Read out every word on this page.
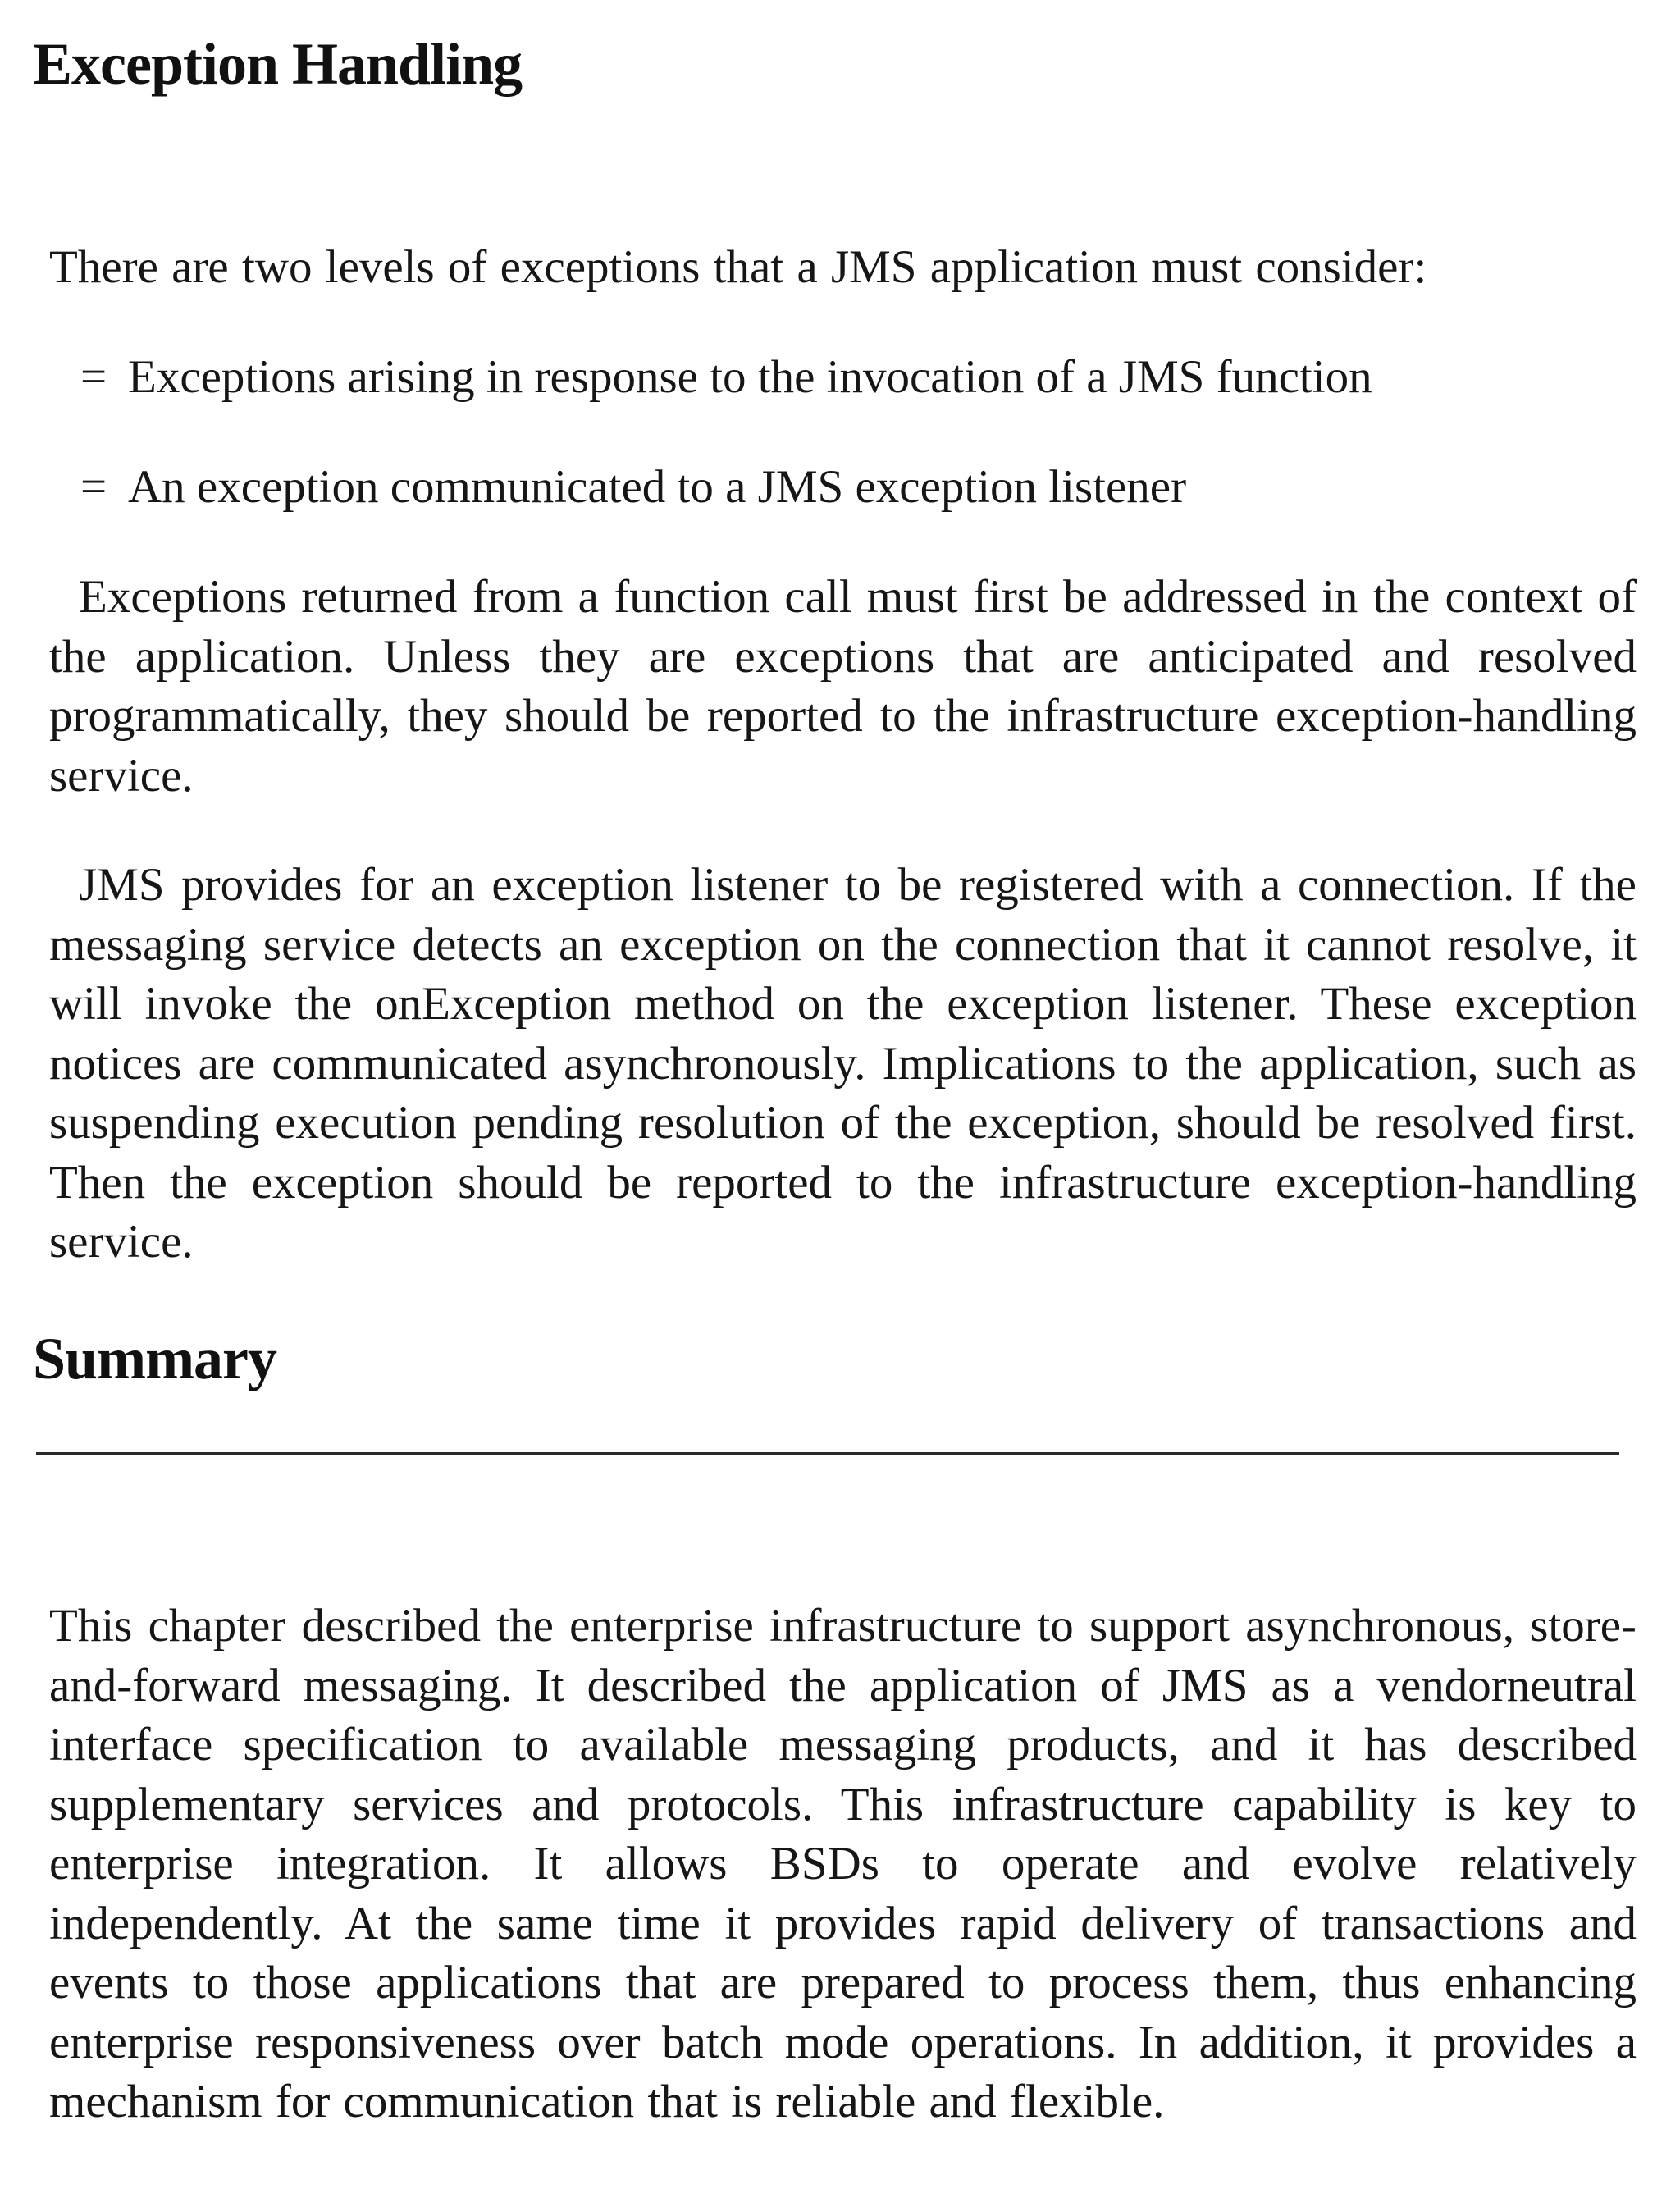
Exception Handling

There are two levels of exceptions that a JMS application must consider:

= Exceptions arising in response to the invocation of a JMS function
= An exception communicated to a JMS exception listener

Exceptions returned from a function call must first be addressed in the context of the application. Unless they are exceptions that are anticipated and resolved programmatically, they should be reported to the infrastructure exception-handling service.

JMS provides for an exception listener to be registered with a connection. If the messaging service detects an exception on the connection that it cannot resolve, it will invoke the onException method on the exception listener. These exception notices are communicated asynchronously. Implications to the application, such as suspending execution pending resolution of the exception, should be resolved first. Then the exception should be reported to the infrastructure exception-handling service.

Summary

This chapter described the enterprise infrastructure to support asynchronous, store-and-forward messaging. It described the application of JMS as a vendorneutral interface specification to available messaging products, and it has described supplementary services and protocols. This infrastructure capability is key to enterprise integration. It allows BSDs to operate and evolve relatively independently. At the same time it provides rapid delivery of transactions and events to those applications that are prepared to process them, thus enhancing enterprise responsiveness over batch mode operations. In addition, it provides a mechanism for communication that is reliable and flexible.
